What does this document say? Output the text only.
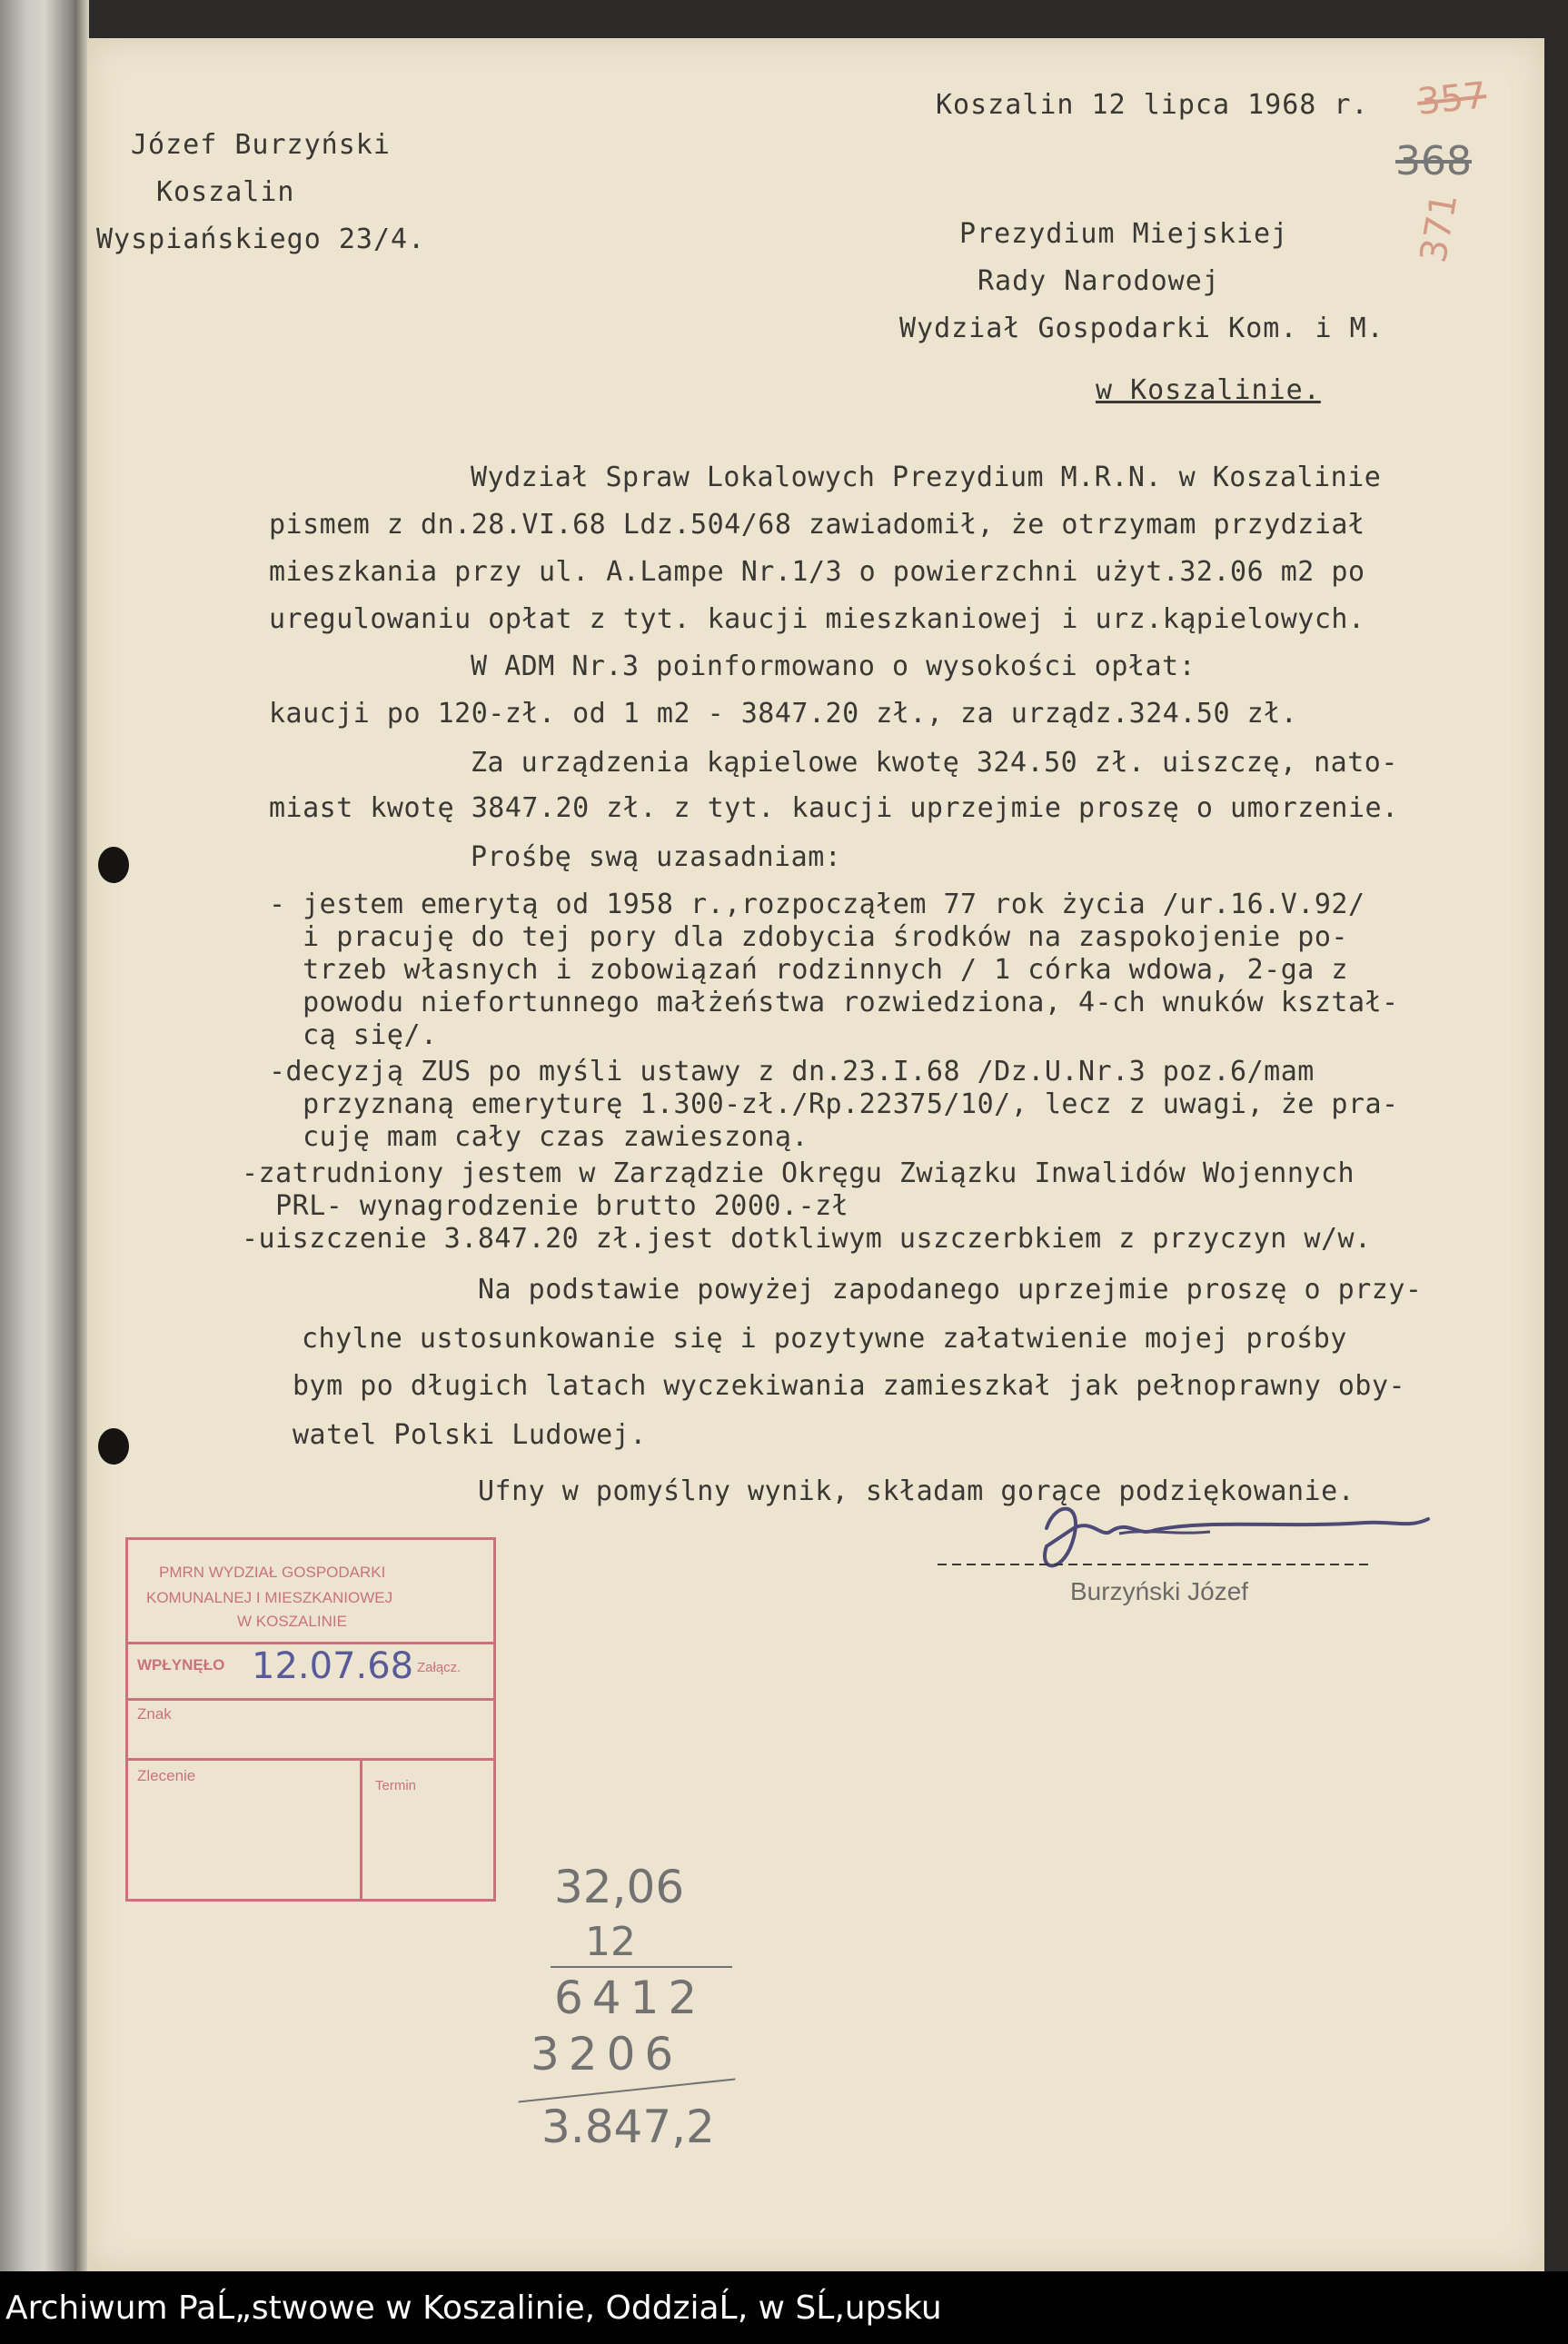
357
368
371
Józef Burzyński
Koszalin
Wyspiańskiego 23/4.
Koszalin 12 lipca 1968 r.
Prezydium Miejskiej
Rady Narodowej
Wydział Gospodarki Kom. i M.
w Koszalinie.
Wydział Spraw Lokalowych Prezydium M.R.N. w Koszalinie
pismem z dn.28.VI.68 Ldz.504/68 zawiadomił, że otrzymam przydział
mieszkania przy ul. A.Lampe Nr.1/3 o powierzchni użyt.32.06 m2 po
uregulowaniu opłat z tyt. kaucji mieszkaniowej i urz.kąpielowych.
W ADM Nr.3 poinformowano o wysokości opłat:
kaucji po 120-zł. od 1 m2 - 3847.20 zł., za urządz.324.50 zł.
Za urządzenia kąpielowe kwotę 324.50 zł. uiszczę, nato-
miast kwotę 3847.20 zł. z tyt. kaucji uprzejmie proszę o umorzenie.
Prośbę swą uzasadniam:
- jestem emerytą od 1958 r.,rozpocząłem 77 rok życia /ur.16.V.92/
i pracuję do tej pory dla zdobycia środków na zaspokojenie po-
trzeb własnych i zobowiązań rodzinnych / 1 córka wdowa, 2-ga z
powodu niefortunnego małżeństwa rozwiedziona, 4-ch wnuków kształ-
cą się/.
-decyzją ZUS po myśli ustawy z dn.23.I.68 /Dz.U.Nr.3 poz.6/mam
przyznaną emeryturę 1.300-zł./Rp.22375/10/, lecz z uwagi, że pra-
cuję mam cały czas zawieszoną.
-zatrudniony jestem w Zarządzie Okręgu Związku Inwalidów Wojennych
PRL- wynagrodzenie brutto 2000.-zł
-uiszczenie 3.847.20 zł.jest dotkliwym uszczerbkiem z przyczyn w/w.
Na podstawie powyżej zapodanego uprzejmie proszę o przy-
chylne ustosunkowanie się i pozytywne załatwienie mojej prośby
bym po długich latach wyczekiwania zamieszkał jak pełnoprawny oby-
watel Polski Ludowej.
Ufny w pomyślny wynik, składam gorące podziękowanie.
Burzyński Józef
PMRN WYDZIAŁ GOSPODARKI
KOMUNALNEJ I MIESZKANIOWEJ
W KOSZALINIE
WPŁYNĘŁO 12.07.68 Załącz.
Znak
Zlecenie
Termin
32,06
12
6412
3206
3.847,2
Archiwum PaĹ„stwowe w Koszalinie, OddziaĹ‚ w SĹ‚upsku
